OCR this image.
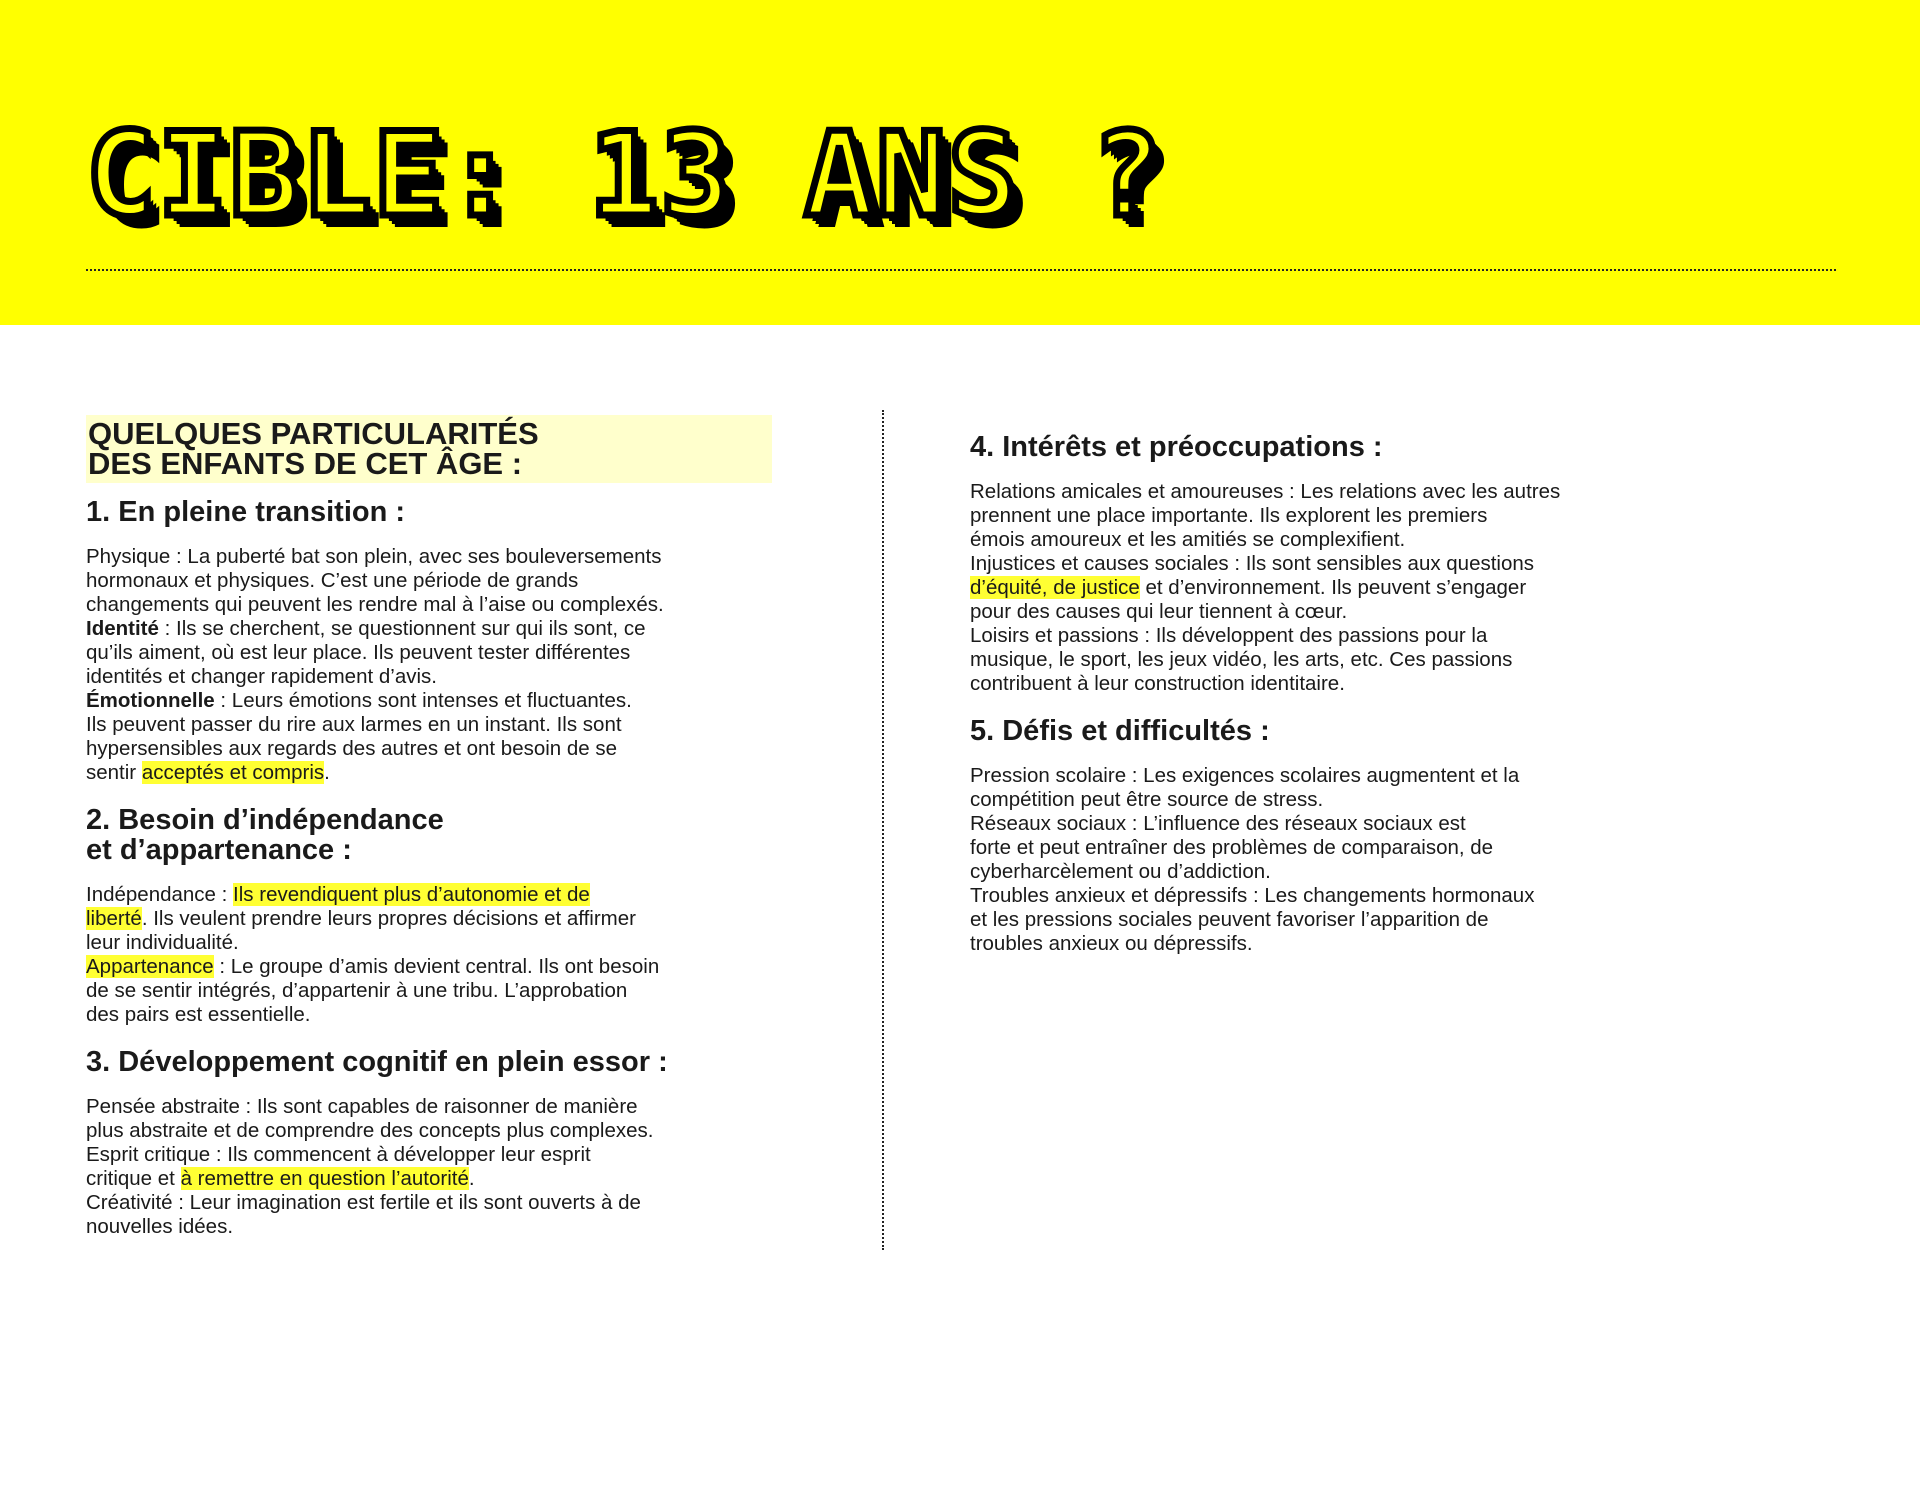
CIBLE: 13 ANS ?
QUELQUES PARTICULARITÉS
DES ENFANTS DE CET ÂGE :
1. En pleine transition :
Physique : La puberté bat son plein, avec ses bouleversements
hormonaux et physiques. C’est une période de grands
changements qui peuvent les rendre mal à l’aise ou complexés.
Identité : Ils se cherchent, se questionnent sur qui ils sont, ce
qu’ils aiment, où est leur place. Ils peuvent tester différentes
identités et changer rapidement d’avis.
Émotionnelle : Leurs émotions sont intenses et fluctuantes.
Ils peuvent passer du rire aux larmes en un instant. Ils sont
hypersensibles aux regards des autres et ont besoin de se
sentir acceptés et compris.
2. Besoin d’indépendance
et d’appartenance :
Indépendance : Ils revendiquent plus d’autonomie et de
liberté. Ils veulent prendre leurs propres décisions et affirmer
leur individualité.
Appartenance : Le groupe d’amis devient central. Ils ont besoin
de se sentir intégrés, d’appartenir à une tribu. L’approbation
des pairs est essentielle.
3. Développement cognitif en plein essor :
Pensée abstraite : Ils sont capables de raisonner de manière
plus abstraite et de comprendre des concepts plus complexes.
Esprit critique : Ils commencent à développer leur esprit
critique et à remettre en question l’autorité.
Créativité : Leur imagination est fertile et ils sont ouverts à de
nouvelles idées.
4. Intérêts et préoccupations :
Relations amicales et amoureuses : Les relations avec les autres
prennent une place importante. Ils explorent les premiers
émois amoureux et les amitiés se complexifient.
Injustices et causes sociales : Ils sont sensibles aux questions
d’équité, de justice et d’environnement. Ils peuvent s’engager
pour des causes qui leur tiennent à cœur.
Loisirs et passions : Ils développent des passions pour la
musique, le sport, les jeux vidéo, les arts, etc. Ces passions
contribuent à leur construction identitaire.
5. Défis et difficultés :
Pression scolaire : Les exigences scolaires augmentent et la
compétition peut être source de stress.
Réseaux sociaux : L’influence des réseaux sociaux est
forte et peut entraîner des problèmes de comparaison, de
cyberharcèlement ou d’addiction.
Troubles anxieux et dépressifs : Les changements hormonaux
et les pressions sociales peuvent favoriser l’apparition de
troubles anxieux ou dépressifs.
